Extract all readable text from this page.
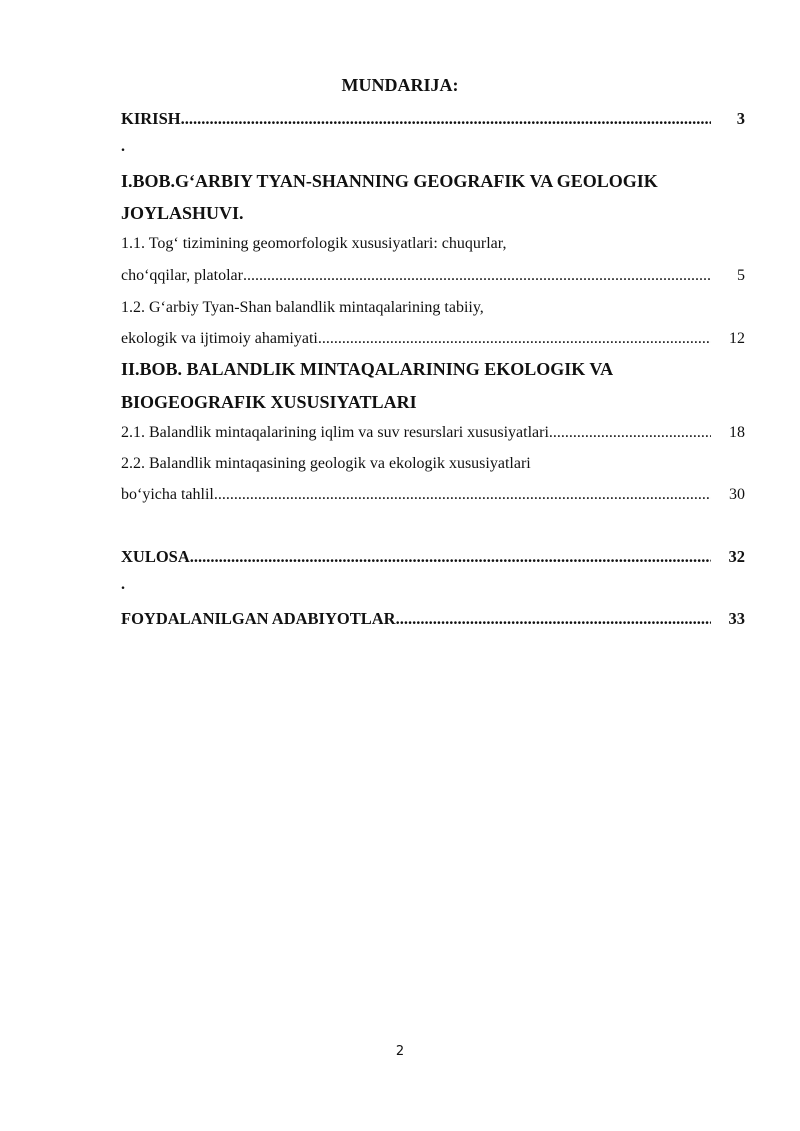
MUNDARIJA:
KIRISH .....	3
.
I.BOB.G‘ARBIY TYAN-SHANNING GEOGRAFIK VA GEOLOGIK
JOYLASHUVI.
1.1. Tog‘ tizimining geomorfologik xususiyatlari: chuqurlar,
cho‘qqilar, platolar .....	5
1.2. G‘arbiy Tyan-Shan balandlik mintaqalarining tabiiy,
ekologik va ijtimoiy ahamiyati .....	12
II.BOB. BALANDLIK MINTAQALARINING EKOLOGIK VA
BIOGEOGRAFIK XUSUSIYATLARI
2.1. Balandlik mintaqalarining iqlim va suv resurslari xususiyatlari .....	18
2.2. Balandlik mintaqasining geologik va ekologik xususiyatlari
bo‘yicha tahlil .....	30
XULOSA .....	32
.
FOYDALANILGAN ADABIYOTLAR .....	33
2
